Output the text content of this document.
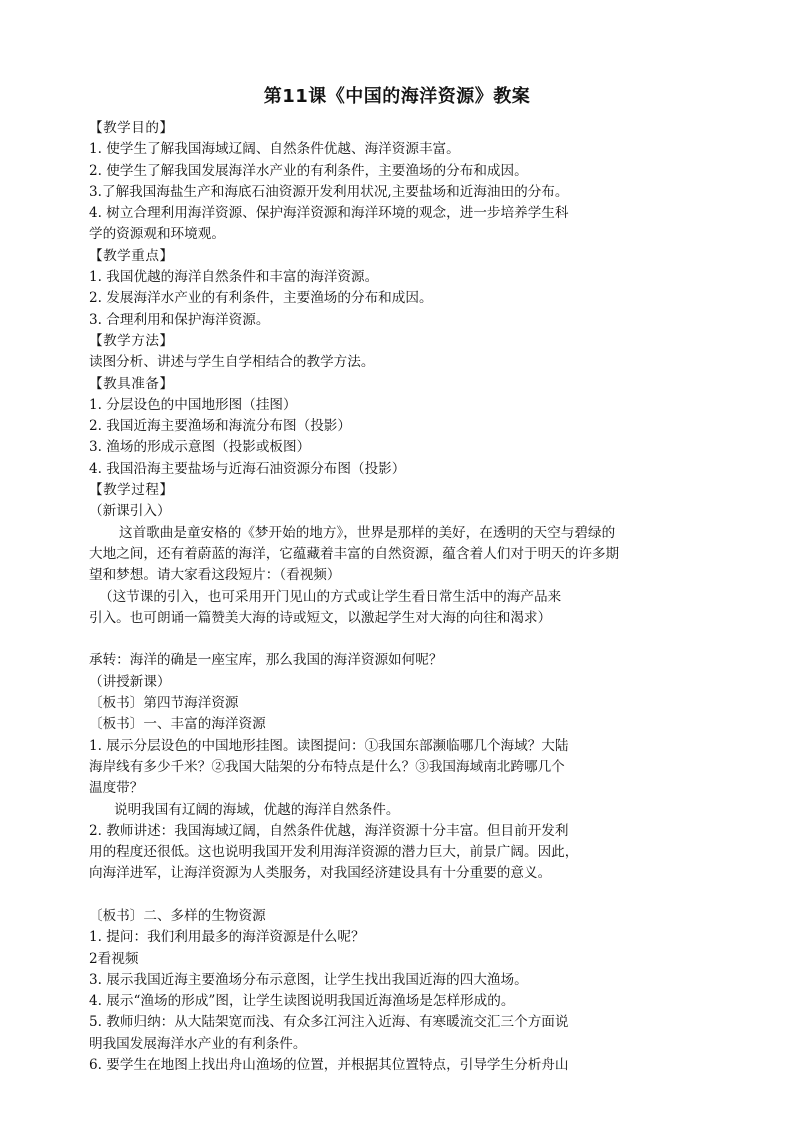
第11课《中国的海洋资源》教案
【教学目的】
1. 使学生了解我国海域辽阔、自然条件优越、海洋资源丰富。
2. 使学生了解我国发展海洋水产业的有利条件，主要渔场的分布和成因。
3.了解我国海盐生产和海底石油资源开发利用状况,主要盐场和近海油田的分布。
4. 树立合理利用海洋资源、保护海洋资源和海洋环境的观念，进一步培养学生科
学的资源观和环境观。
【教学重点】
1. 我国优越的海洋自然条件和丰富的海洋资源。
2. 发展海洋水产业的有利条件，主要渔场的分布和成因。
3. 合理利用和保护海洋资源。
【教学方法】
读图分析、讲述与学生自学相结合的教学方法。
【教具准备】
1. 分层设色的中国地形图（挂图）
2. 我国近海主要渔场和海流分布图（投影）
3. 渔场的形成示意图（投影或板图）
4. 我国沿海主要盐场与近海石油资源分布图（投影）
【教学过程】
（新课引入）
这首歌曲是童安格的《梦开始的地方》，世界是那样的美好，在透明的天空与碧绿的
大地之间，还有着蔚蓝的海洋，它蕴藏着丰富的自然资源，蕴含着人们对于明天的许多期
望和梦想。请大家看这段短片：（看视频）
（这节课的引入，也可采用开门见山的方式或让学生看日常生活中的海产品来
引入。也可朗诵一篇赞美大海的诗或短文，以激起学生对大海的向往和渴求）
承转：海洋的确是一座宝库，那么我国的海洋资源如何呢？
（讲授新课）
〔板书〕第四节海洋资源
〔板书〕一、丰富的海洋资源
1. 展示分层设色的中国地形挂图。读图提问：①我国东部濒临哪几个海域？大陆
海岸线有多少千米？②我国大陆架的分布特点是什么？③我国海域南北跨哪几个
温度带？
说明我国有辽阔的海域，优越的海洋自然条件。
2. 教师讲述：我国海域辽阔，自然条件优越，海洋资源十分丰富。但目前开发利
用的程度还很低。这也说明我国开发利用海洋资源的潜力巨大，前景广阔。因此，
向海洋进军，让海洋资源为人类服务，对我国经济建设具有十分重要的意义。
〔板书〕二、多样的生物资源
1. 提问：我们利用最多的海洋资源是什么呢？
2看视频
3. 展示我国近海主要渔场分布示意图，让学生找出我国近海的四大渔场。
4. 展示“渔场的形成”图，让学生读图说明我国近海渔场是怎样形成的。
5. 教师归纳：从大陆架宽而浅、有众多江河注入近海、有寒暖流交汇三个方面说
明我国发展海洋水产业的有利条件。
6. 要学生在地图上找出舟山渔场的位置，并根据其位置特点，引导学生分析舟山
